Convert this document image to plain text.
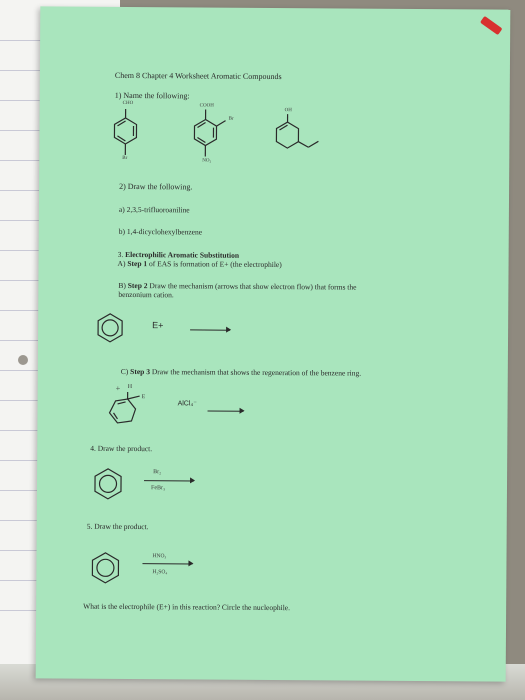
Chem 8 Chapter 4 Worksheet Aromatic Compounds
1) Name the following:
CHO
Br
COOH
Br
NO₂
OH
2) Draw the following.
a) 2,3,5-trifluoroaniline
b) 1,4-dicyclohexylbenzene
3. Electrophilic Aromatic Substitution
A) Step 1 of EAS is formation of E+ (the electrophile)
B) Step 2 Draw the mechanism (arrows that show electron flow) that forms the
benzonium cation.
E+
C) Step 3 Draw the mechanism that shows the regeneration of the benzene ring.
+ H
E
AlCl₄⁻
4. Draw the product.
Br₂
FeBr₃
5. Draw the product.
HNO₃
H₂SO₄
What is the electrophile (E+) in this reaction? Circle the nucleophile.
